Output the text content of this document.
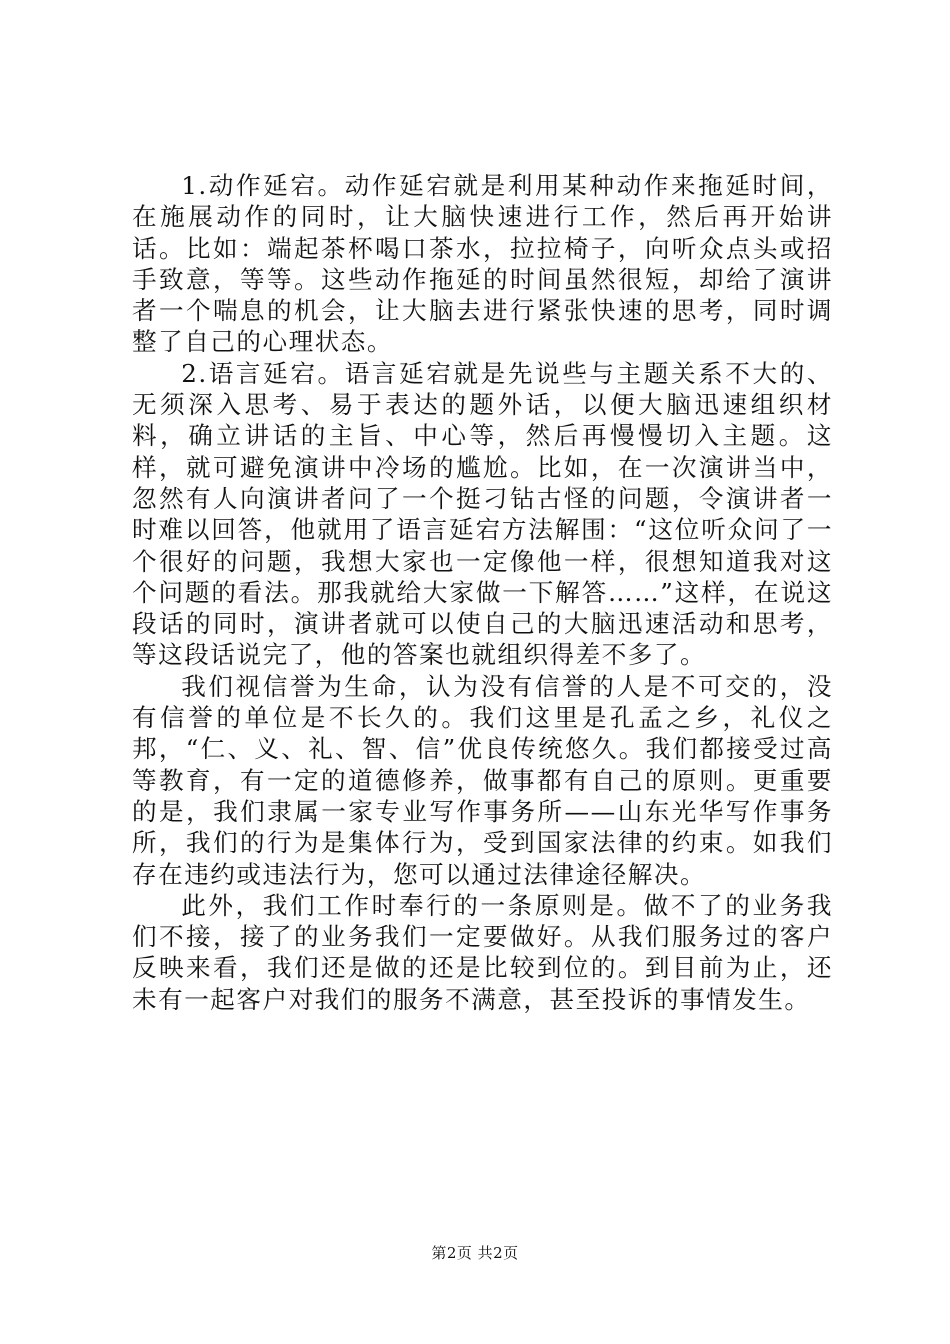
1.动作延宕。动作延宕就是利用某种动作来拖延时间，在施展动作的同时，让大脑快速进行工作，然后再开始讲话。比如：端起茶杯喝口茶水，拉拉椅子，向听众点头或招手致意，等等。这些动作拖延的时间虽然很短，却给了演讲者一个喘息的机会，让大脑去进行紧张快速的思考，同时调整了自己的心理状态。

2.语言延宕。语言延宕就是先说些与主题关系不大的、无须深入思考、易于表达的题外话，以便大脑迅速组织材料，确立讲话的主旨、中心等，然后再慢慢切入主题。这样，就可避免演讲中冷场的尴尬。比如，在一次演讲当中，忽然有人向演讲者问了一个挺刁钻古怪的问题，令演讲者一时难以回答，他就用了语言延宕方法解围：“这位听众问了一个很好的问题，我想大家也一定像他一样，很想知道我对这个问题的看法。那我就给大家做一下解答……”这样，在说这段话的同时，演讲者就可以使自己的大脑迅速活动和思考，等这段话说完了，他的答案也就组织得差不多了。

我们视信誉为生命，认为没有信誉的人是不可交的，没有信誉的单位是不长久的。我们这里是孔孟之乡，礼仪之邦，“仁、义、礼、智、信”优良传统悠久。我们都接受过高等教育，有一定的道德修养，做事都有自己的原则。更重要的是，我们隶属一家专业写作事务所——山东光华写作事务所，我们的行为是集体行为，受到国家法律的约束。如我们存在违约或违法行为，您可以通过法律途径解决。

此外，我们工作时奉行的一条原则是。做不了的业务我们不接，接了的业务我们一定要做好。从我们服务过的客户反映来看，我们还是做的还是比较到位的。到目前为止，还未有一起客户对我们的服务不满意，甚至投诉的事情发生。

第2页 共2页
